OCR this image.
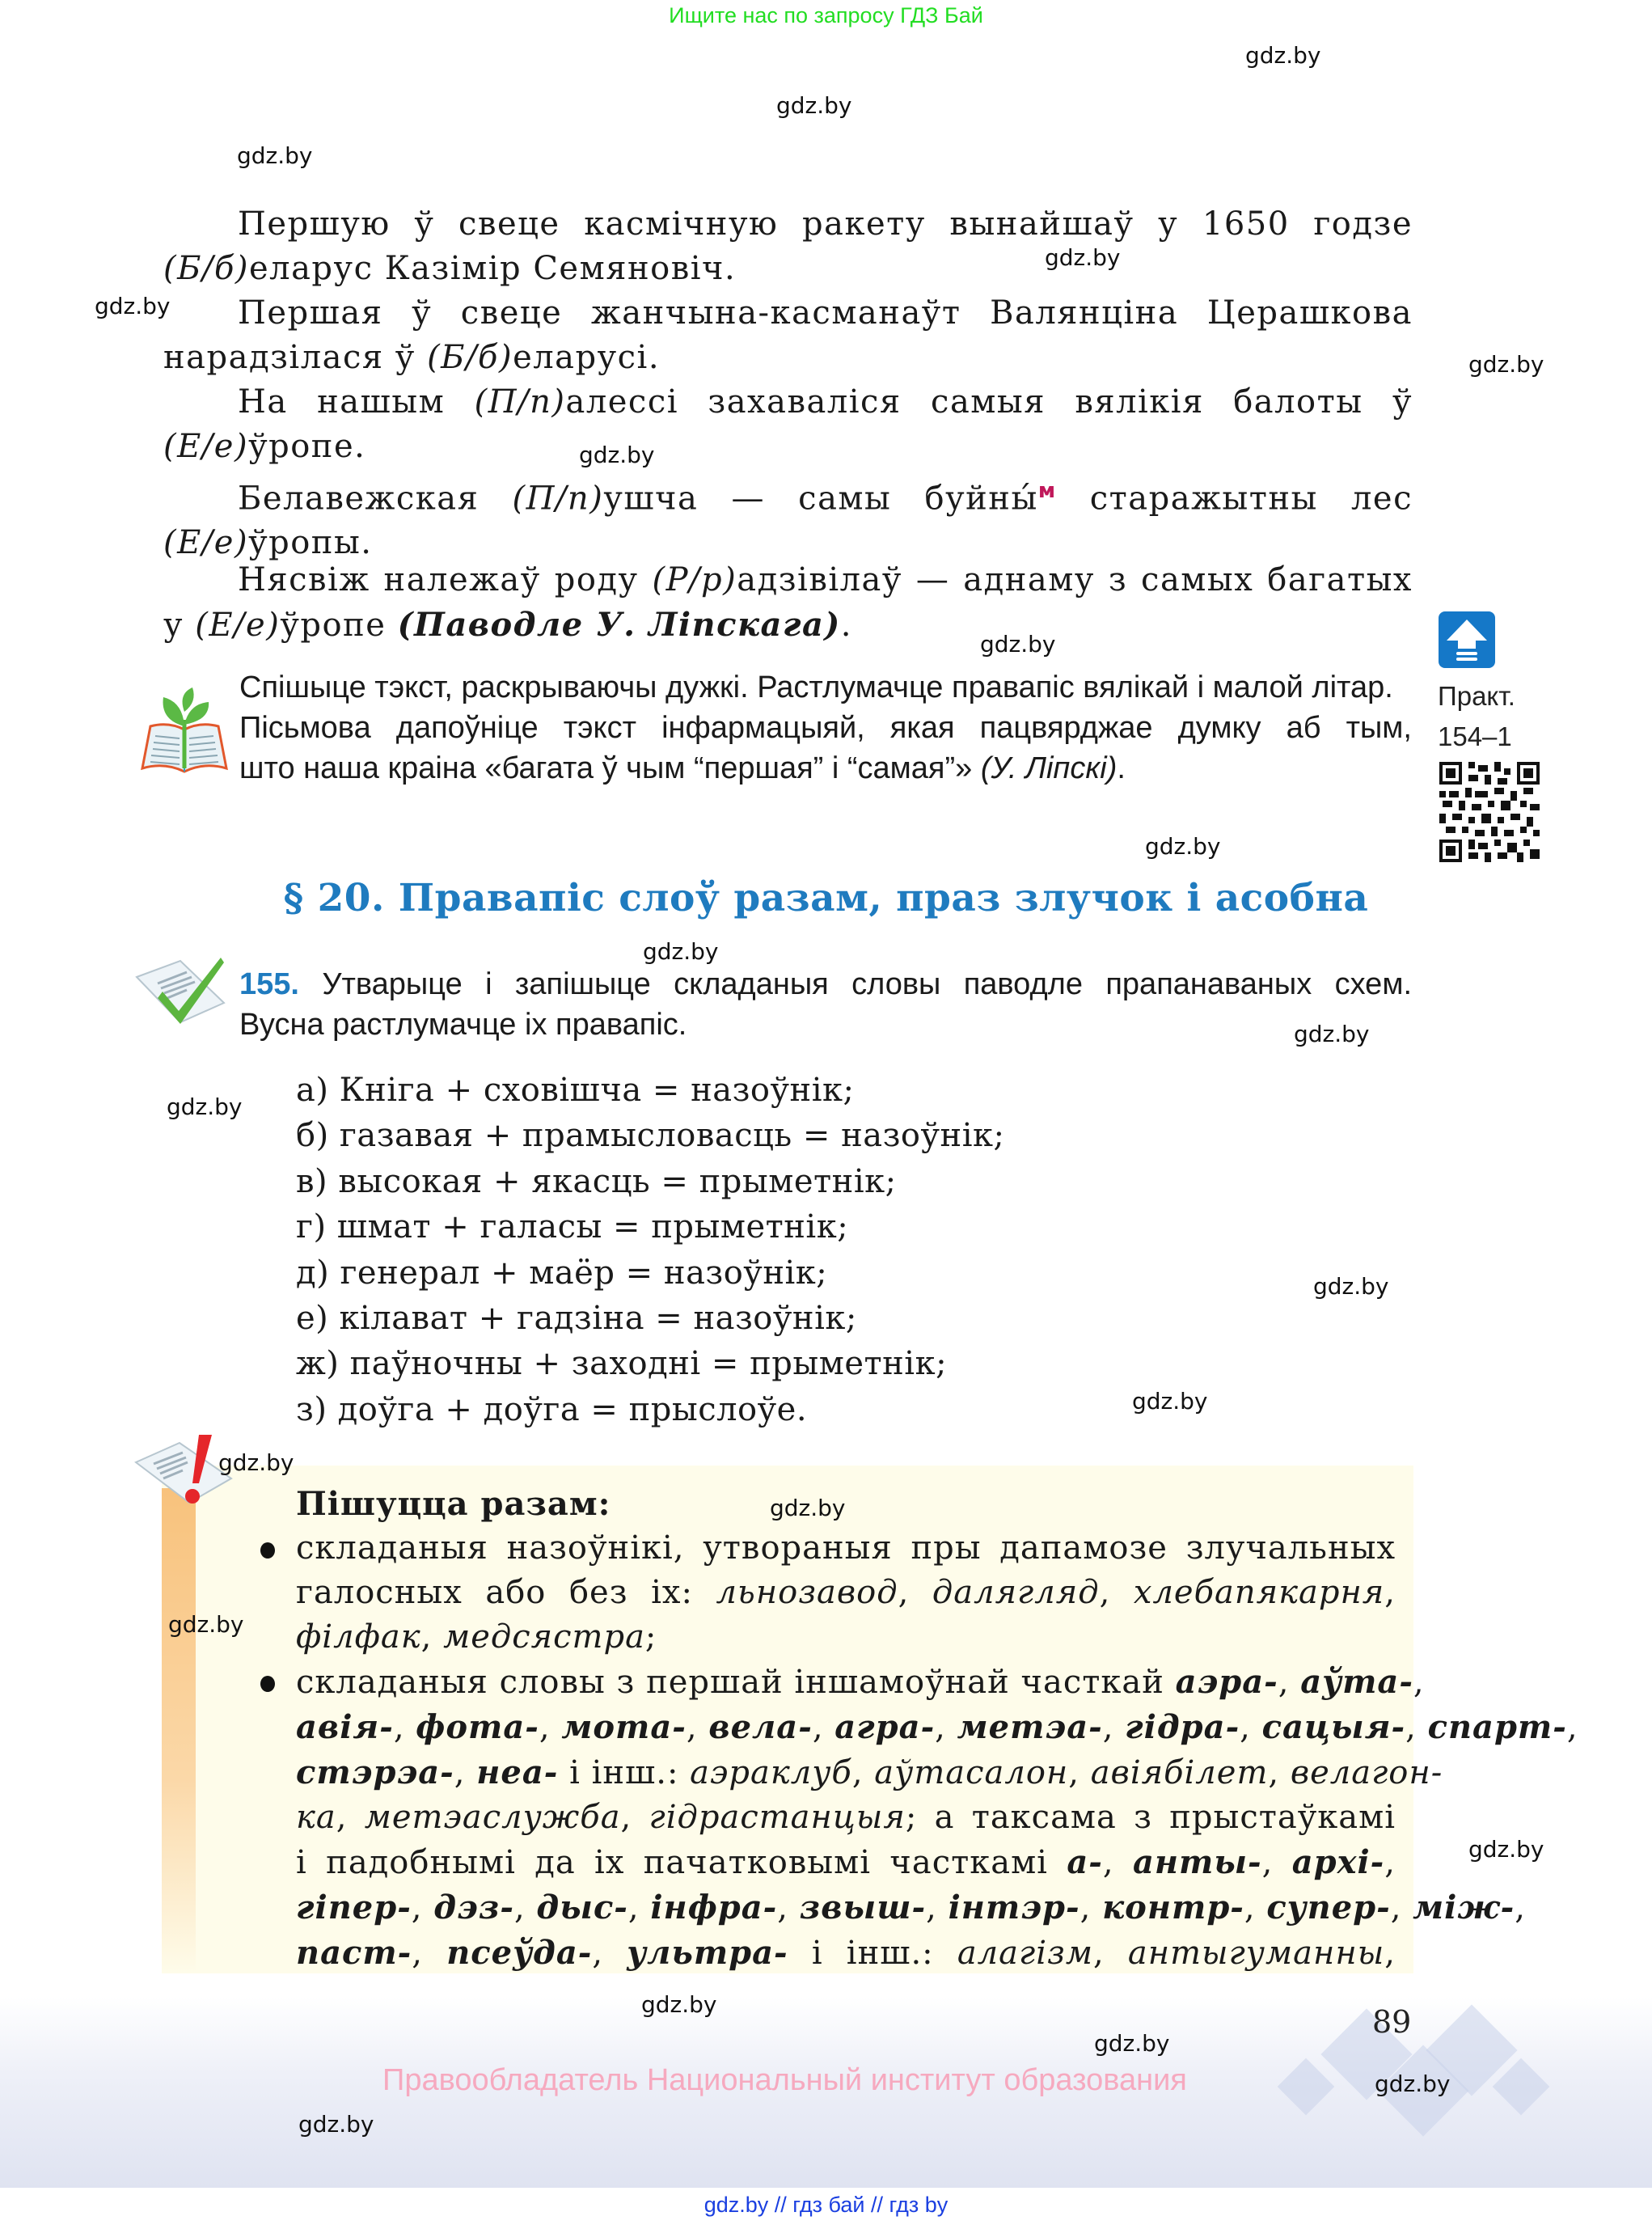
Ищите нас по запросу ГДЗ Бай
Першую ў свеце касмічную ракету вынайшаў у 1650 годзе
(Б/б)еларус Казімір Семяновіч.
Першая ў свеце жанчына-касманаўт Валянціна Церашкова
нарадзілася ў (Б/б)еларусі.
На нашым (П/п)алессі захаваліся самыя вялікія балоты ў
(Е/е)ўропе.
Белавежская (П/п)ушча — самы буйны́$^м$ старажытны лес
(Е/е)ўропы.
Нясвіж належаў роду (Р/р)адзівілаў — аднаму з самых багатых
у (Е/е)ўропе (Паводле У. Ліпскага).
Спішыце тэкст, раскрываючы дужкі. Растлумачце правапіс вялікай і малой літар.
Пісьмова дапоўніце тэкст інфармацыяй, якая пацвярджае думку аб тым,
што наша краіна «багата ў чым “першая” і “самая”» (У. Ліпскі).
Практ.
154–1
§ 20. Правапіс слоў разам, праз злучок і асобна
155. Утварыце і запішыце складаныя словы паводле прапанаваных схем.
Вусна растлумачце іх правапіс.
а) Кніга + сховішча = назоўнік;
б) газавая + прамысловасць = назоўнік;
в) высокая + якасць = прыметнік;
г) шмат + галасы = прыметнік;
д) генерал + маёр = назоўнік;
е) кілават + гадзіна = назоўнік;
ж) паўночны + заходні = прыметнік;
з) доўга + доўга = прыслоўе.
Пішуцца разам:
складаныя назоўнікі, утвораныя пры дапамозе злучальных
галосных або без іх: льнозавод, далягляд, хлебапякарня,
філфак, медсястра;
складаныя словы з першай іншамоўнай часткай аэра-, аўта-,
авія-, фота-, мота-, вела-, агра-, метэа-, гідра-, сацыя-, спарт-,
стэрэа-, неа- і інш.: аэраклуб, аўтасалон, авіябілет, велагон-
ка, метэаслужба, гідрастанцыя; а таксама з прыстаўкамі
і падобнымі да іх пачатковымі часткамі а-, анты-, архі-,
гіпер-, дэз-, дыс-, інфра-, звыш-, інтэр-, контр-, супер-, між-,
паст-, псеўда-, ультра- і інш.: алагізм, антыгуманны,
89
Правообладатель Национальный институт образования
gdz.by // гдз бай // гдз by
gdz.by
gdz.by
gdz.by
gdz.by
gdz.by
gdz.by
gdz.by
gdz.by
gdz.by
gdz.by
gdz.by
gdz.by
gdz.by
gdz.by
gdz.by
gdz.by
gdz.by
gdz.by
gdz.by
gdz.by
gdz.by
gdz.by
